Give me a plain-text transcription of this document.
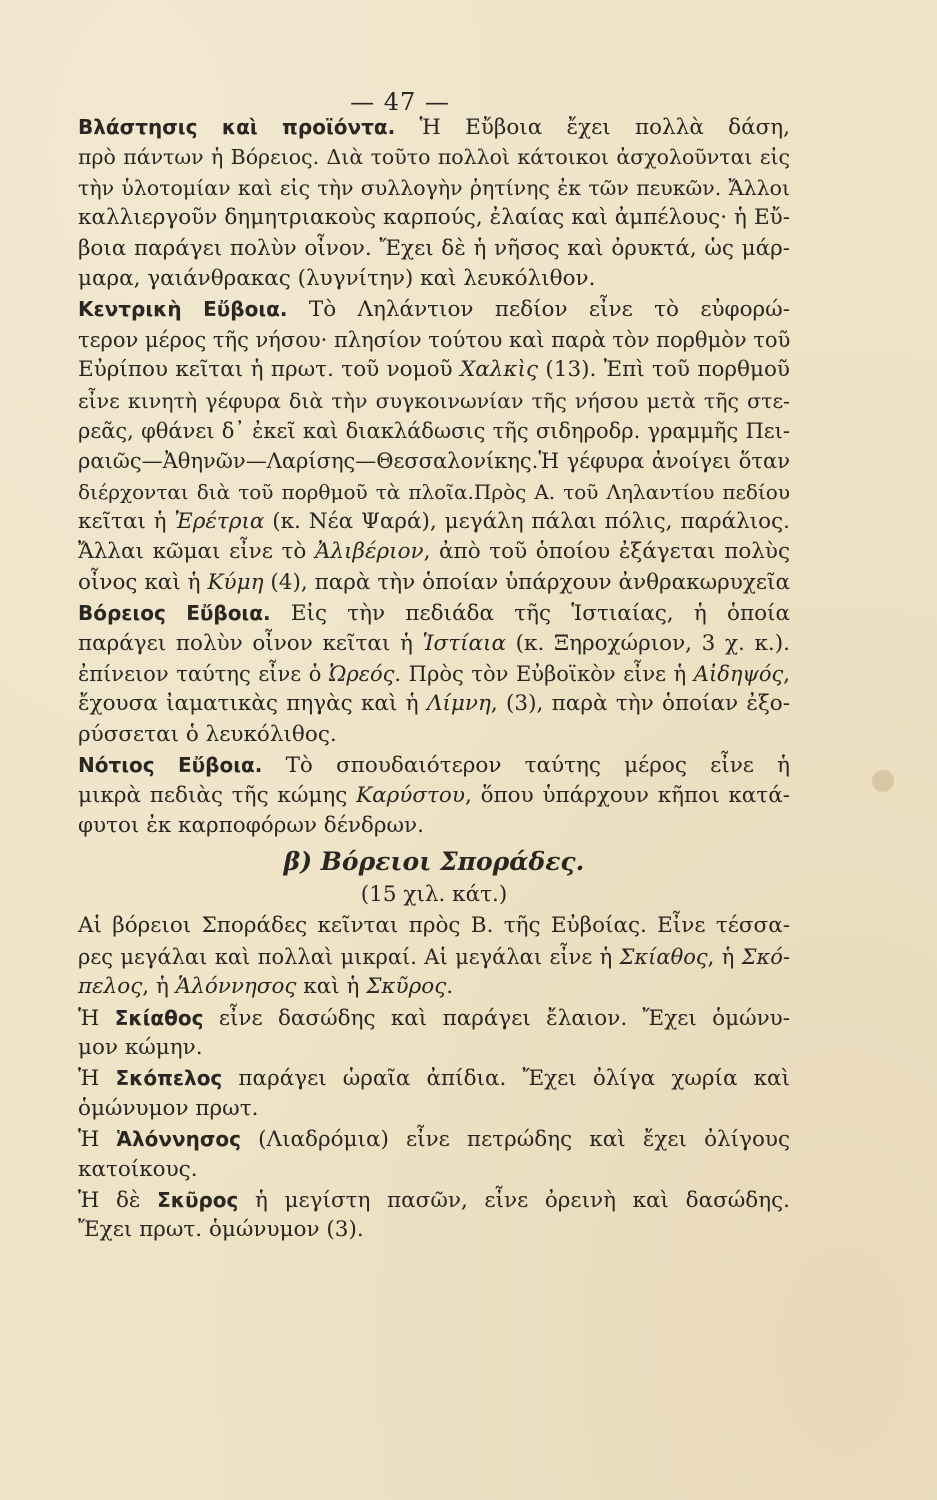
— 47 —
Βλάστησις καὶ προϊόντα. Ἡ Εὔβοια ἔχει πολλὰ δάση,
πρὸ πάντων ἡ Βόρειος. Διὰ τοῦτο πολλοὶ κάτοικοι ἀσχολοῦνται εἰς
τὴν ὑλοτομίαν καὶ εἰς τὴν συλλογὴν ῥητίνης ἐκ τῶν πευκῶν. Ἄλλοι
καλλιεργοῦν δημητριακοὺς καρπούς, ἐλαίας καὶ ἀμπέλους· ἡ Εὔ-
βοια παράγει πολὺν οἶνον. Ἔχει δὲ ἡ νῆσος καὶ ὀρυκτά, ὡς μάρ-
μαρα, γαιάνθρακας (λυγνίτην) καὶ λευκόλιθον.
Κεντρικὴ Εὔβοια. Τὸ Ληλάντιον πεδίον εἶνε τὸ εὐφορώ-
τερον μέρος τῆς νήσου· πλησίον τούτου καὶ παρὰ τὸν πορθμὸν τοῦ
Εὐρίπου κεῖται ἡ πρωτ. τοῦ νομοῦ Χαλκὶς (13). Ἐπὶ τοῦ πορθμοῦ
εἶνε κινητὴ γέφυρα διὰ τὴν συγκοινωνίαν τῆς νήσου μετὰ τῆς στε-
ρεᾶς, φθάνει δ᾽ ἐκεῖ καὶ διακλάδωσις τῆς σιδηροδρ. γραμμῆς Πει-
ραιῶς—Ἀθηνῶν—Λαρίσης—Θεσσαλονίκης.Ἡ γέφυρα ἀνοίγει ὅταν
διέρχονται διὰ τοῦ πορθμοῦ τὰ πλοῖα.Πρὸς Α. τοῦ Ληλαντίου πεδίου
κεῖται ἡ Ἐρέτρια (κ. Νέα Ψαρά), μεγάλη πάλαι πόλις, παράλιος.
Ἄλλαι κῶμαι εἶνε τὸ Ἀλιβέριον, ἀπὸ τοῦ ὁποίου ἐξάγεται πολὺς
οἶνος καὶ ἡ Κύμη (4), παρὰ τὴν ὁποίαν ὑπάρχουν ἀνθρακωρυχεῖα
Βόρειος Εὔβοια. Εἰς τὴν πεδιάδα τῆς Ἱστιαίας, ἡ ὁποία
παράγει πολὺν οἶνον κεῖται ἡ Ἱστίαια (κ. Ξηροχώριον, 3 χ. κ.).
ἐπίνειον ταύτης εἶνε ὁ Ὠρεός. Πρὸς τὸν Εὐβοϊκὸν εἶνε ἡ Αἰδηψός,
ἔχουσα ἰαματικὰς πηγὰς καὶ ἡ Λίμνη, (3), παρὰ τὴν ὁποίαν ἐξο-
ρύσσεται ὁ λευκόλιθος.
Νότιος Εὔβοια. Τὸ σπουδαιότερον ταύτης μέρος εἶνε ἡ
μικρὰ πεδιὰς τῆς κώμης Καρύστου, ὅπου ὑπάρχουν κῆποι κατά-
φυτοι ἐκ καρποφόρων δένδρων.
β) Βόρειοι Σποράδες.
(15 χιλ. κάτ.)
Αἱ βόρειοι Σποράδες κεῖνται πρὸς Β. τῆς Εὐβοίας. Εἶνε τέσσα-
ρες μεγάλαι καὶ πολλαὶ μικραί. Αἱ μεγάλαι εἶνε ἡ Σκίαθος, ἡ Σκό-
πελος, ἡ Ἁλόννησος καὶ ἡ Σκῦρος.
Ἡ Σκίαθος εἶνε δασώδης καὶ παράγει ἔλαιον. Ἔχει ὁμώνυ-
μον κώμην.
Ἡ Σκόπελος παράγει ὡραῖα ἀπίδια. Ἔχει ὀλίγα χωρία καὶ
ὁμώνυμον πρωτ.
Ἡ Ἁλόννησος (Λιαδρόμια) εἶνε πετρώδης καὶ ἔχει ὀλίγους
κατοίκους.
Ἡ δὲ Σκῦρος ἡ μεγίστη πασῶν, εἶνε ὀρεινὴ καὶ δασώδης.
Ἔχει πρωτ. ὁμώνυμον (3).
